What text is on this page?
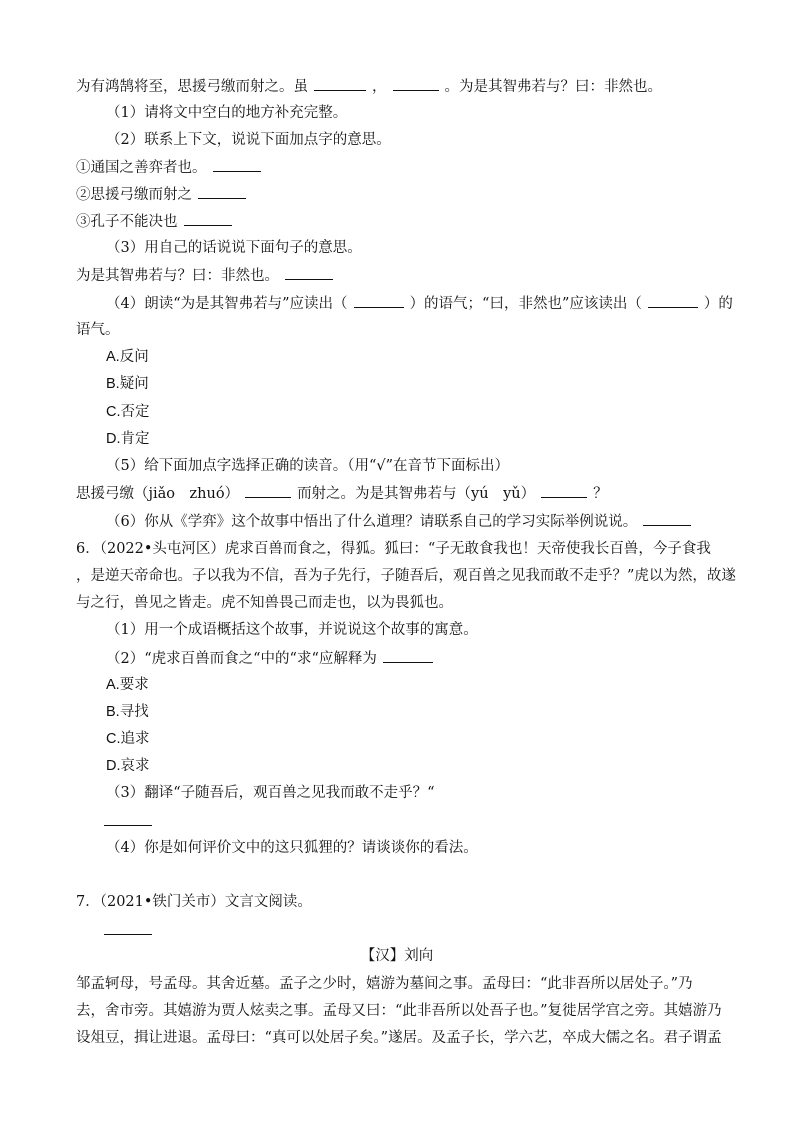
为有鸿鹄将至，思援弓缴而射之。虽	，	。为是其智弗若与？曰：非然也。
（1）请将文中空白的地方补充完整。
（2）联系上下文，说说下面加点字的意思。
①通国之善弈者也。
②思援弓缴而射之
③孔子不能决也
（3）用自己的话说说下面句子的意思。
为是其智弗若与？曰：非然也。
（4）朗读“为是其智弗若与”应读出（	）的语气；“曰，非然也”应该读出（	）的
语气。
A.反问
B.疑问
C.否定
D.肯定
（5）给下面加点字选择正确的读音。（用“√”在音节下面标出）
思援弓缴（jiǎo　zhuó）	而射之。为是其智弗若与（yú　yǔ）	？
（6）你从《学弈》这个故事中悟出了什么道理？请联系自己的学习实际举例说说。
6．（2022•头屯河区）虎求百兽而食之，得狐。狐曰：“子无敢食我也！天帝使我长百兽，今子食我
，是逆天帝命也。子以我为不信，吾为子先行，子随吾后，观百兽之见我而敢不走乎？”虎以为然，故遂
与之行，兽见之皆走。虎不知兽畏己而走也，以为畏狐也。
（1）用一个成语概括这个故事，并说说这个故事的寓意。
（2）“虎求百兽而食之“中的“求“应解释为
A.要求
B.寻找
C.追求
D.哀求
（3）翻译“子随吾后，观百兽之见我而敢不走乎？“
（4）你是如何评价文中的这只狐狸的？请谈谈你的看法。
7．（2021•铁门关市）文言文阅读。
【汉】刘向
邹孟轲母，号孟母。其舍近墓。孟子之少时，嬉游为墓间之事。孟母曰：“此非吾所以居处子。”乃
去，舍市旁。其嬉游为贾人炫卖之事。孟母又曰：“此非吾所以处吾子也。”复徙居学宫之旁。其嬉游乃
设俎豆，揖让进退。孟母曰：“真可以处居子矣。”遂居。及孟子长，学六艺，卒成大儒之名。君子谓孟
